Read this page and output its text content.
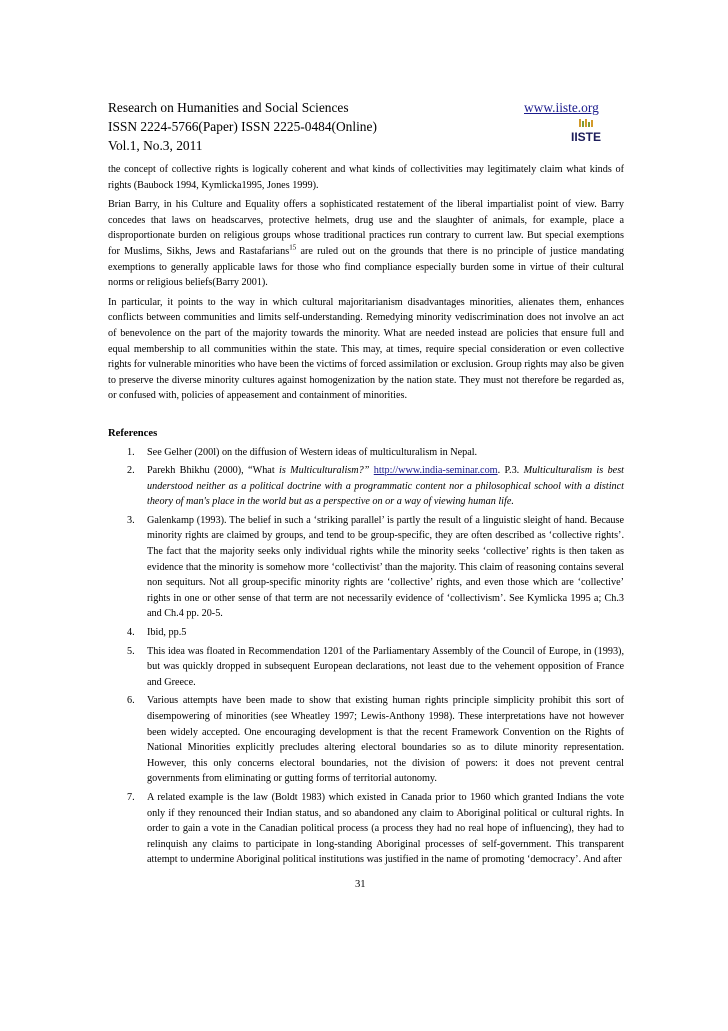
Research on Humanities and Social Sciences
ISSN 2224-5766(Paper) ISSN 2225-0484(Online)
Vol.1, No.3, 2011
www.iiste.org
IISTE

the concept of collective rights is logically coherent and what kinds of collectivities may legitimately claim what kinds of rights (Baubock 1994, Kymlicka1995, Jones 1999).

Brian Barry, in his Culture and Equality offers a sophisticated restatement of the liberal impartialist point of view. Barry concedes that laws on headscarves, protective helmets, drug use and the slaughter of animals, for example, place a disproportionate burden on religious groups whose traditional practices run contrary to current law. But special exemptions for Muslims, Sikhs, Jews and Rastafarians$^{15}$ are ruled out on the grounds that there is no principle of justice mandating exemptions to generally applicable laws for those who find compliance especially burden some in virtue of their cultural norms or religious beliefs(Barry 2001).

In particular, it points to the way in which cultural majoritarianism disadvantages minorities, alienates them, enhances conflicts between communities and limits self-understanding. Remedying minority vediscrimination does not involve an act of benevolence on the part of the majority towards the minority. What are needed instead are policies that ensure full and equal membership to all communities within the state. This may, at times, require special consideration or even collective rights for vulnerable minorities who have been the victims of forced assimilation or exclusion. Group rights may also be given to preserve the diverse minority cultures against homogenization by the nation state. They must not therefore be regarded as, or confused with, policies of appeasement and containment of minorities.

References
1. See Gelher (200l) on the diffusion of Western ideas of multiculturalism in Nepal.
2. Parekh Bhikhu (2000), “What is Multiculturalism?” http://www.india-seminar.com. P.3. Multiculturalism is best understood neither as a political doctrine with a programmatic content nor a philosophical school with a distinct theory of man's place in the world but as a perspective on or a way of viewing human life.
3. Galenkamp (1993). The belief in such a ‘striking parallel’ is partly the result of a linguistic sleight of hand. Because minority rights are claimed by groups, and tend to be group-specific, they are often described as ‘collective rights’. The fact that the majority seeks only individual rights while the minority seeks ‘collective’ rights is then taken as evidence that the minority is somehow more ‘collectivist’ than the majority. This claim of reasoning contains several non sequiturs. Not all group-specific minority rights are ‘collective’ rights, and even those which are ‘collective’ rights in one or other sense of that term are not necessarily evidence of ‘collectivism’. See Kymlicka 1995 a; Ch.3 and Ch.4 pp. 20-5.
4. Ibid, pp.5
5. This idea was floated in Recommendation 1201 of the Parliamentary Assembly of the Council of Europe, in (1993), but was quickly dropped in subsequent European declarations, not least due to the vehement opposition of France and Greece.
6. Various attempts have been made to show that existing human rights principle simplicity prohibit this sort of disempowering of minorities (see Wheatley 1997; Lewis-Anthony 1998). These interpretations have not however been widely accepted. One encouraging development is that the recent Framework Convention on the Rights of National Minorities explicitly precludes altering electoral boundaries so as to dilute minority representation. However, this only concerns electoral boundaries, not the division of powers: it does not prevent central governments from eliminating or gutting forms of territorial autonomy.
7. A related example is the law (Boldt 1983) which existed in Canada prior to 1960 which granted Indians the vote only if they renounced their Indian status, and so abandoned any claim to Aboriginal political or cultural rights. In order to gain a vote in the Canadian political process (a process they had no real hope of influencing), they had to relinquish any claims to participate in long-standing Aboriginal processes of self-government. This transparent attempt to undermine Aboriginal political institutions was justified in the name of promoting ‘democracy’. And after
31
